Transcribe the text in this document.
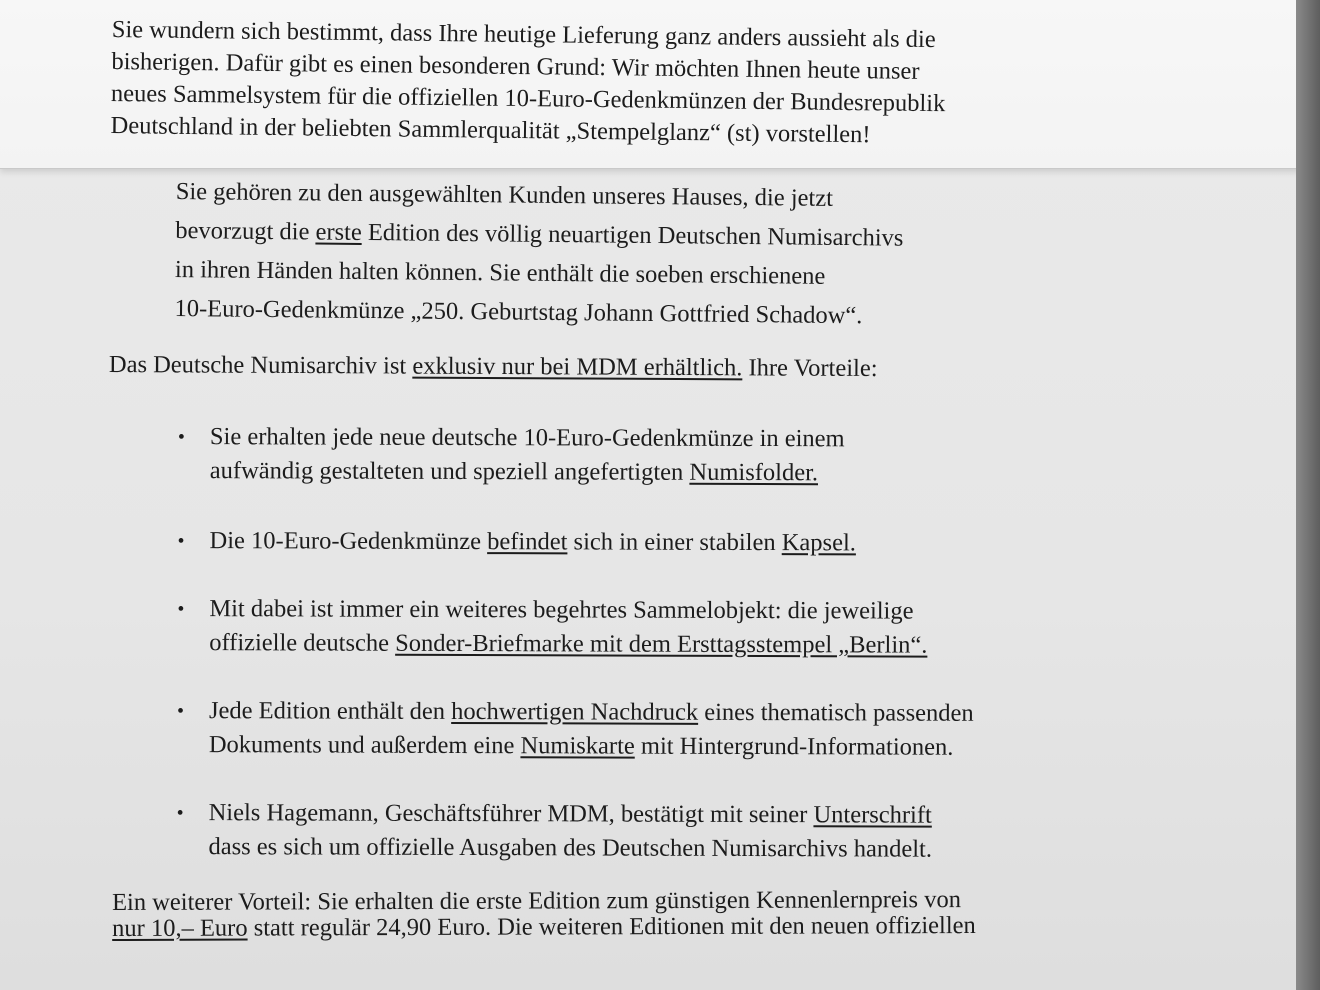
Sie wundern sich bestimmt, dass Ihre heutige Lieferung ganz anders aussieht als die
bisherigen. Dafür gibt es einen besonderen Grund: Wir möchten Ihnen heute unser
neues Sammelsystem für die offiziellen 10-Euro-Gedenkmünzen der Bundesrepublik
Deutschland in der beliebten Sammlerqualität „Stempelglanz“ (st) vorstellen!

Sie gehören zu den ausgewählten Kunden unseres Hauses, die jetzt
bevorzugt die erste Edition des völlig neuartigen Deutschen Numisarchivs
in ihren Händen halten können. Sie enthält die soeben erschienene
10-Euro-Gedenkmünze „250. Geburtstag Johann Gottfried Schadow“.

Das Deutsche Numisarchiv ist exklusiv nur bei MDM erhältlich. Ihre Vorteile:

• Sie erhalten jede neue deutsche 10-Euro-Gedenkmünze in einem
aufwändig gestalteten und speziell angefertigten Numisfolder.
• Die 10-Euro-Gedenkmünze befindet sich in einer stabilen Kapsel.
• Mit dabei ist immer ein weiteres begehrtes Sammelobjekt: die jeweilige
offizielle deutsche Sonder-Briefmarke mit dem Ersttagsstempel „Berlin“.
• Jede Edition enthält den hochwertigen Nachdruck eines thematisch passenden
Dokuments und außerdem eine Numiskarte mit Hintergrund-Informationen.
• Niels Hagemann, Geschäftsführer MDM, bestätigt mit seiner Unterschrift
dass es sich um offizielle Ausgaben des Deutschen Numisarchivs handelt.

Ein weiterer Vorteil: Sie erhalten die erste Edition zum günstigen Kennenlernpreis von
nur 10,– Euro statt regulär 24,90 Euro. Die weiteren Editionen mit den neuen offiziellen
